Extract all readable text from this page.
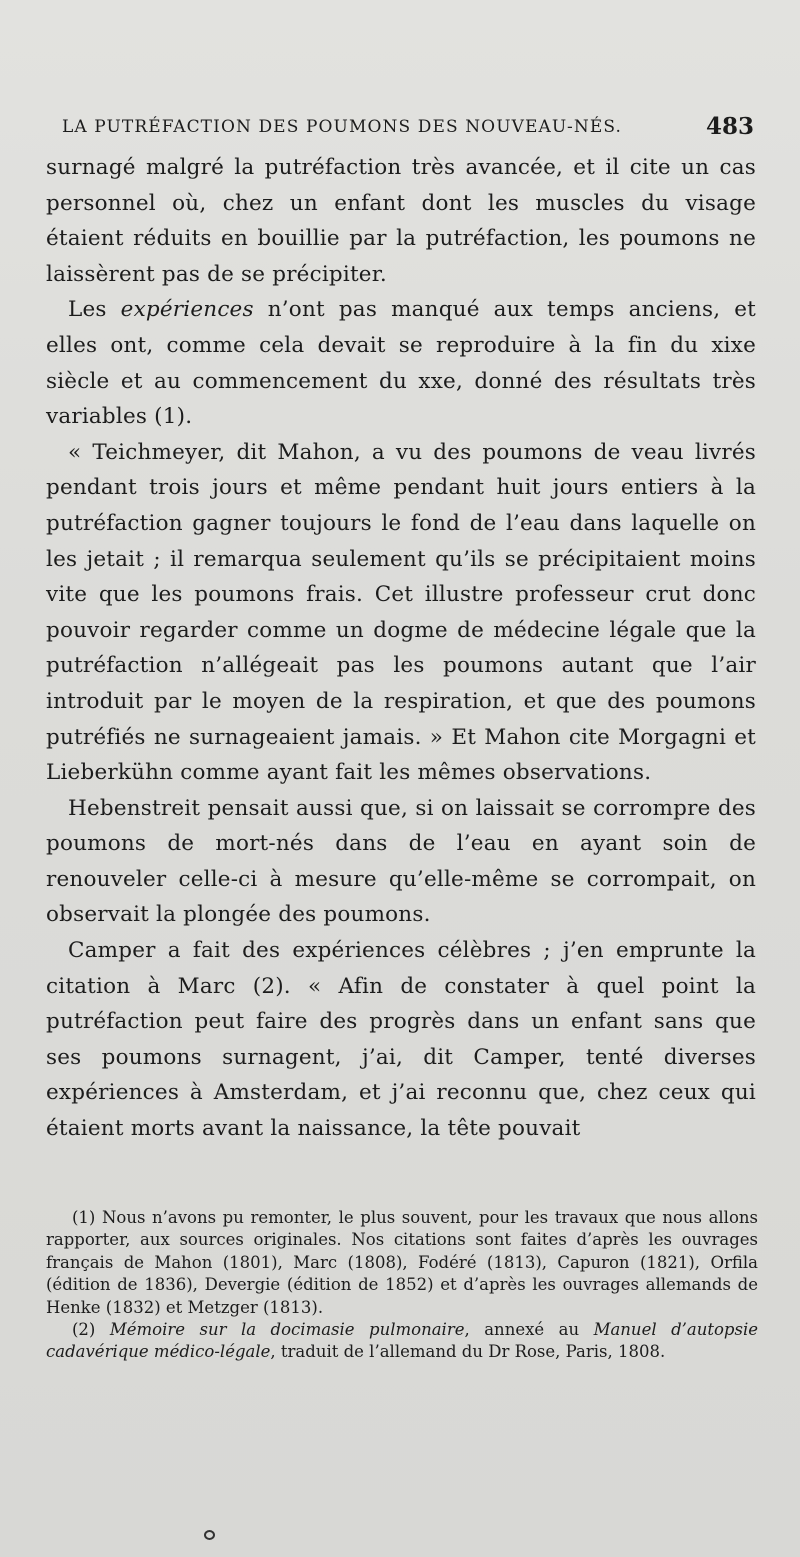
LA PUTRÉFACTION DES POUMONS DES NOUVEAU-NÉS.	483

surnagé malgré la putréfaction très avancée, et il cite un cas personnel où, chez un enfant dont les muscles du visage étaient réduits en bouillie par la putréfaction, les poumons ne laissèrent pas de se précipiter.

Les expériences n’ont pas manqué aux temps anciens, et elles ont, comme cela devait se reproduire à la fin du xixe siècle et au commencement du xxe, donné des résultats très variables (1).

« Teichmeyer, dit Mahon, a vu des poumons de veau livrés pendant trois jours et même pendant huit jours entiers à la putréfaction gagner toujours le fond de l’eau dans laquelle on les jetait ; il remarqua seulement qu’ils se précipitaient moins vite que les poumons frais. Cet illustre professeur crut donc pouvoir regarder comme un dogme de médecine légale que la putréfaction n’allégeait pas les poumons autant que l’air introduit par le moyen de la respiration, et que des poumons putréfiés ne surnageaient jamais. » Et Mahon cite Morgagni et Lieberkühn comme ayant fait les mêmes observations.

Hebenstreit pensait aussi que, si on laissait se corrompre des poumons de mort-nés dans de l’eau en ayant soin de renouveler celle-ci à mesure qu’elle-même se corrompait, on observait la plongée des poumons.

Camper a fait des expériences célèbres ; j’en emprunte la citation à Marc (2). « Afin de constater à quel point la putréfaction peut faire des progrès dans un enfant sans que ses poumons surnagent, j’ai, dit Camper, tenté diverses expériences à Amsterdam, et j’ai reconnu que, chez ceux qui étaient morts avant la naissance, la tête pouvait

(1) Nous n’avons pu remonter, le plus souvent, pour les travaux que nous allons rapporter, aux sources originales. Nos citations sont faites d’après les ouvrages français de Mahon (1801), Marc (1808), Fodéré (1813), Capuron (1821), Orfila (édition de 1836), Devergie (édition de 1852) et d’après les ouvrages allemands de Henke (1832) et Metzger (1813).

(2) Mémoire sur la docimasie pulmonaire, annexé au Manuel d’autopsie cadavérique médico-légale, traduit de l’allemand du Dr Rose, Paris, 1808.
